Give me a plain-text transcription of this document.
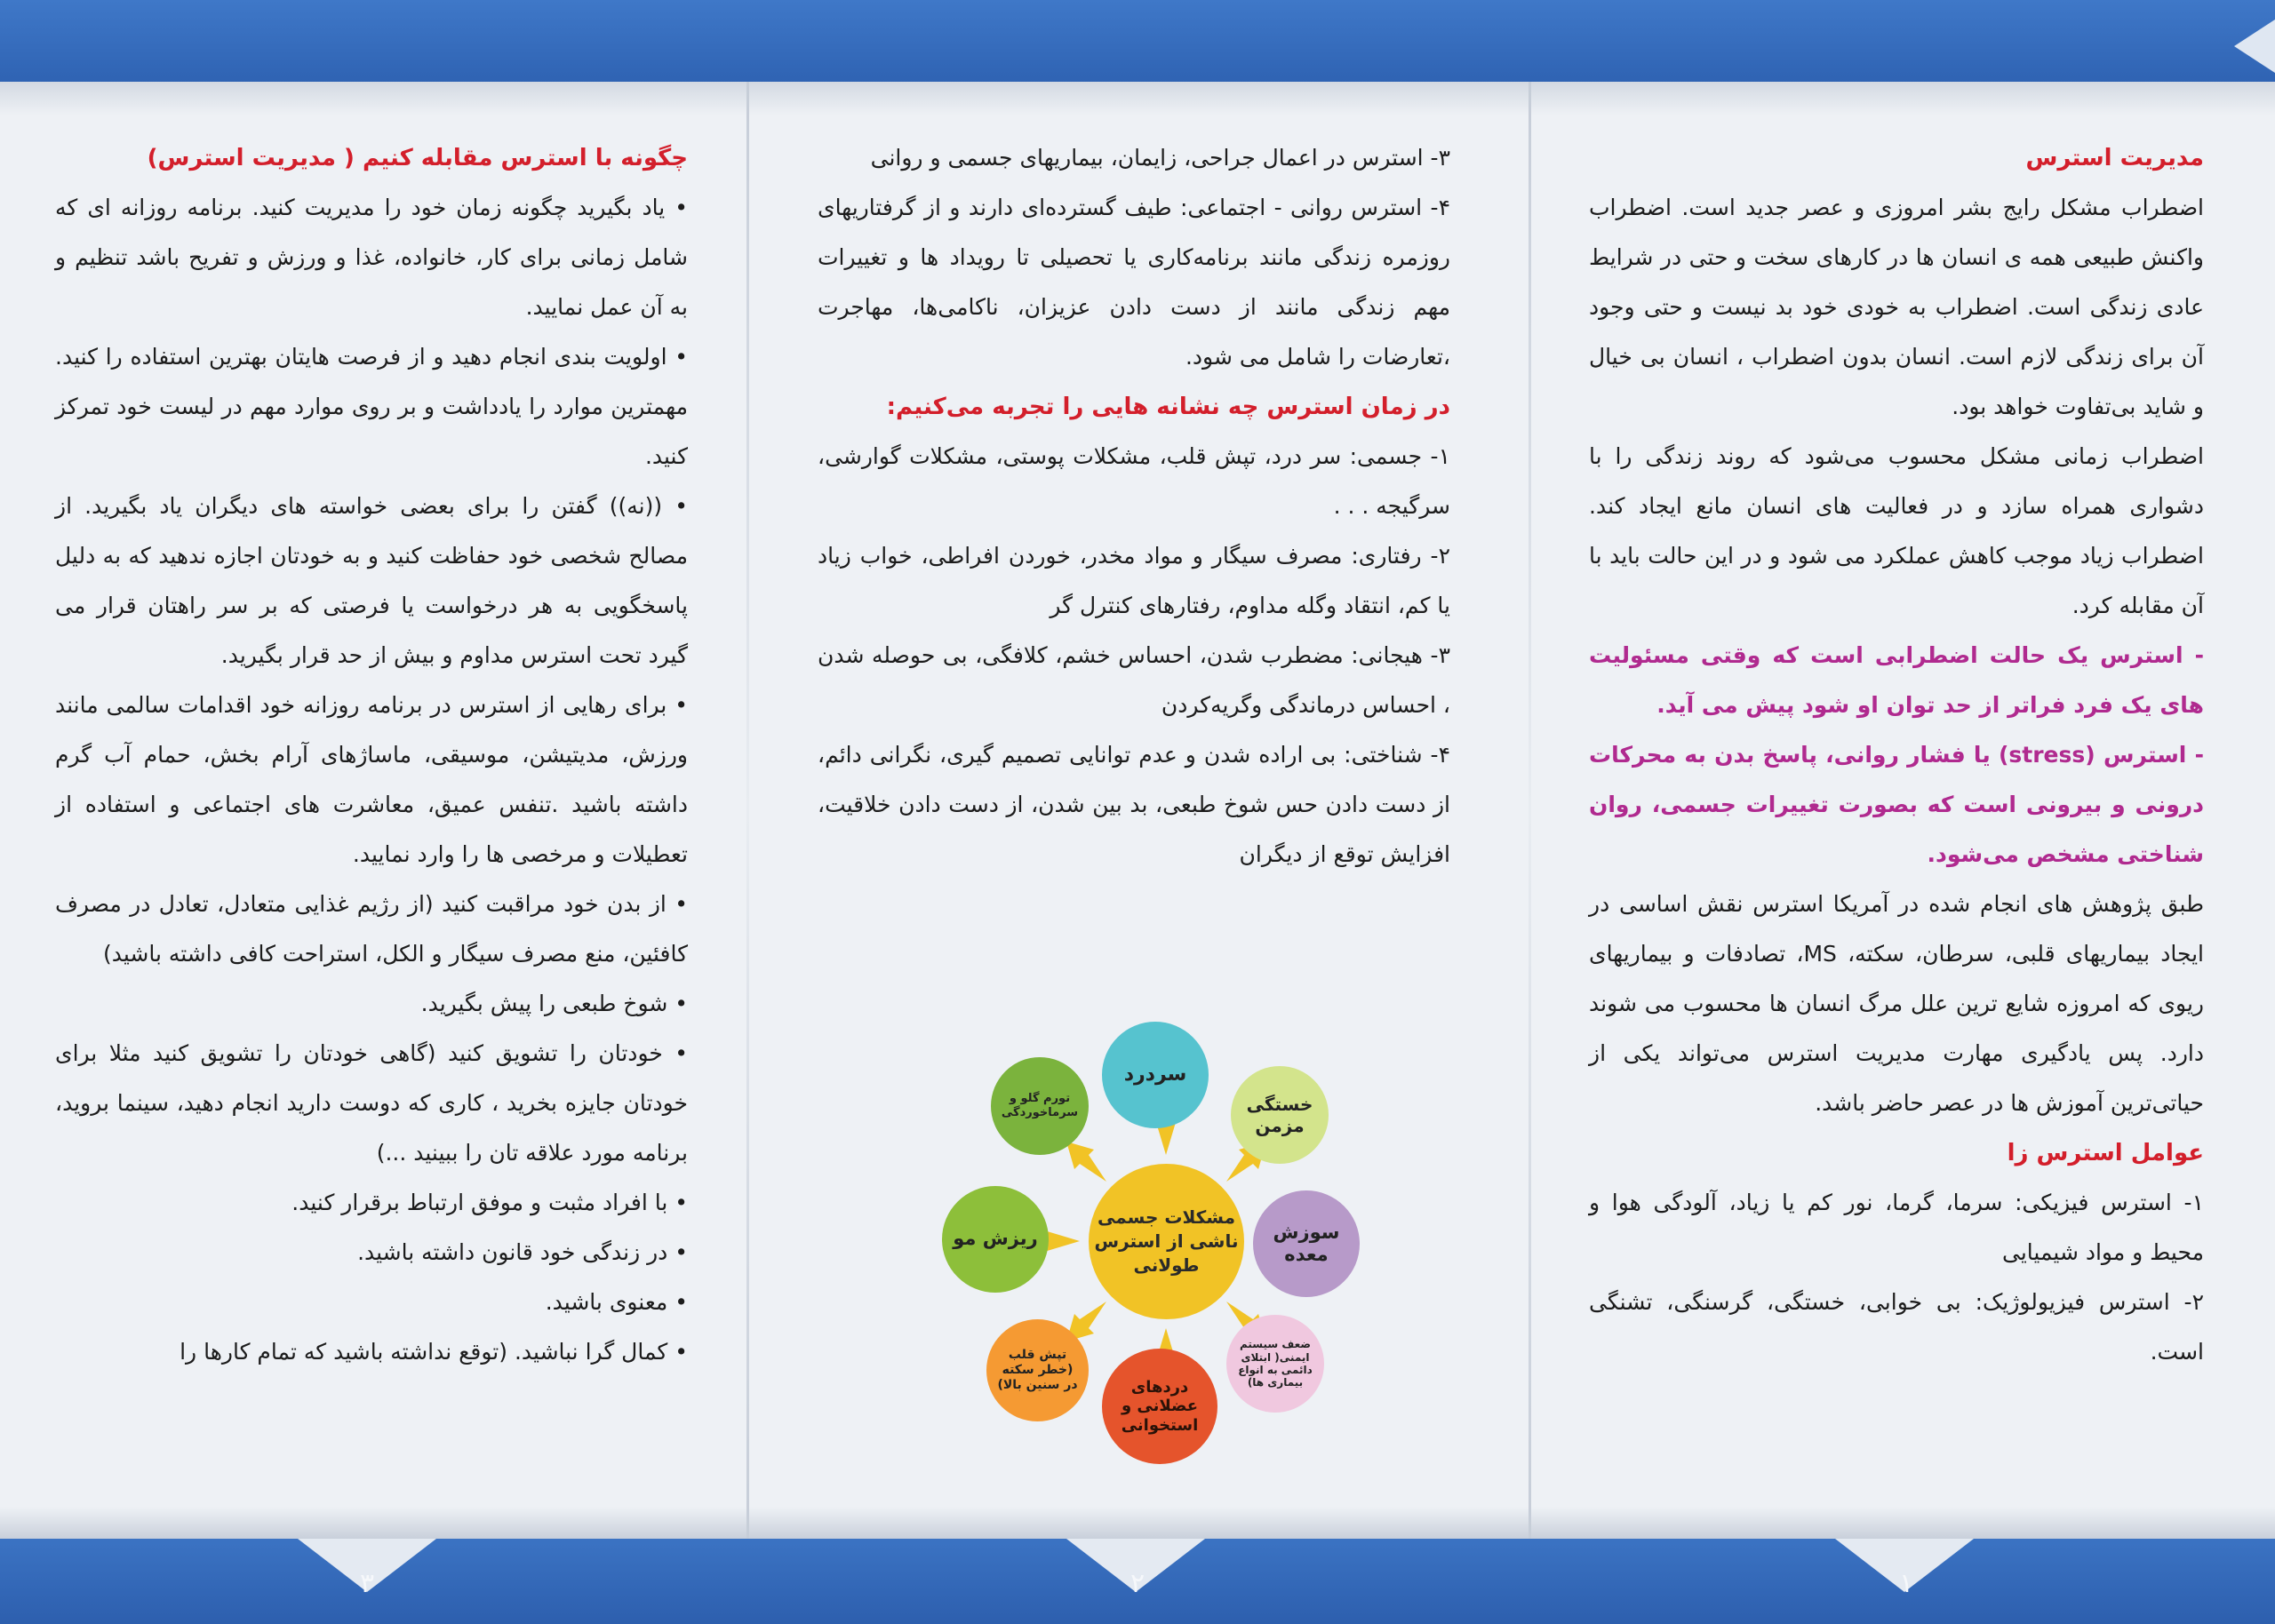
۳	۲	۱

مدیریت استرس

اضطراب مشکل رایج بشر امروزی و عصر جدید است. اضطراب واکنش طبیعی همه ی انسان ها در کارهای سخت و حتی در شرایط عادی زندگی است. اضطراب به خودی خود بد نیست و حتی وجود آن برای زندگی لازم است. انسان بدون اضطراب ، انسان بی خیال و شاید بی‌تفاوت خواهد بود.

اضطراب زمانی مشکل محسوب می‌شود که روند زندگی را با دشواری همراه سازد و در فعالیت های انسان مانع ایجاد کند. اضطراب زیاد موجب کاهش عملکرد می شود و در این حالت باید با آن مقابله کرد.

- استرس یک حالت اضطرابی است که وقتی مسئولیت های یک فرد فراتر از حد توان او شود پیش می آید.

- استرس (stress) یا فشار روانی، پاسخ بدن به محرکات درونی و بیرونی است که بصورت تغییرات جسمی، روان شناختی مشخص می‌شود.

طبق پژوهش های انجام شده در آمریکا استرس نقش اساسی در ایجاد بیماریهای قلبی، سرطان، سکته، MS، تصادفات و بیماریهای ریوی که امروزه شایع ترین علل مرگ انسان ها محسوب می شوند دارد. پس یادگیری مهارت مدیریت استرس می‌تواند یکی از حیاتی‌ترین آموزش ها در عصر حاضر باشد.

عوامل استرس زا

۱- استرس فیزیکی: سرما، گرما، نور کم یا زیاد، آلودگی هوا و محیط و مواد شیمیایی

۲- استرس فیزیولوژیک: بی خوابی، خستگی، گرسنگی، تشنگی است.

۳- استرس در اعمال جراحی، زایمان، بیماریهای جسمی و روانی

۴- استرس روانی - اجتماعی: طیف گسترده‌ای دارند و از گرفتاریهای روزمره زندگی مانند برنامه‌کاری یا تحصیلی تا رویداد ها و تغییرات مهم زندگی مانند از دست دادن عزیزان، ناکامی‌ها، مهاجرت ،تعارضات را شامل می شود.

در زمان استرس چه نشانه هایی را تجربه می‌کنیم:

۱- جسمی: سر درد، تپش قلب، مشکلات پوستی، مشکلات گوارشی، سرگیجه . . .

۲- رفتاری: مصرف سیگار و مواد مخدر، خوردن افراطی، خواب زیاد یا کم، انتقاد وگله مداوم، رفتارهای کنترل گر

۳- هیجانی: مضطرب شدن، احساس خشم، کلافگی، بی حوصله شدن ، احساس درماندگی وگریه‌کردن

۴- شناختی: بی اراده شدن و عدم توانایی تصمیم گیری، نگرانی دائم، از دست دادن حس شوخ طبعی، بد بین شدن، از دست دادن خلاقیت، افزایش توقع از دیگران

مشکلات جسمی ناشی از استرس طولانی
سردرد
خستگی مزمن
سوزش معده
ضعف سیستم ایمنی( ابتلای دائمی به انواع بیماری ها)
دردهای عضلانی و استخوانی
تپش قلب (خطر سکته در سنین بالا)
ریزش مو
تورم گلو و سرماخوردگی

چگونه با استرس مقابله کنیم ( مدیریت استرس)

• یاد بگیرید چگونه زمان خود را مدیریت کنید. برنامه روزانه ای که شامل زمانی برای کار، خانواده، غذا و ورزش و تفریح باشد تنظیم و به آن عمل نمایید.

• اولویت بندی انجام دهید و از فرصت هایتان بهترین استفاده را کنید. مهمترین موارد را یادداشت و بر روی موارد مهم در لیست خود تمرکز کنید.

• ((نه)) گفتن را برای بعضی خواسته های دیگران یاد بگیرید. از مصالح شخصی خود حفاظت کنید و به خودتان اجازه ندهید که به دلیل پاسخگویی به هر درخواست یا فرصتی که بر سر راهتان قرار می گیرد تحت استرس مداوم و بیش از حد قرار بگیرید.

• برای رهایی از استرس در برنامه روزانه خود اقدامات سالمی مانند ورزش، مدیتیشن، موسیقی، ماساژهای آرام بخش، حمام آب گرم داشته باشید .تنفس عمیق، معاشرت های اجتماعی و استفاده از تعطیلات و مرخصی ها را وارد نمایید.

• از بدن خود مراقبت کنید (از رژیم غذایی متعادل، تعادل در مصرف کافئین، منع مصرف سیگار و الکل، استراحت کافی داشته باشید)

• شوخ طبعی را پیش بگیرید.

• خودتان را تشویق کنید (گاهی خودتان را تشویق کنید مثلا برای خودتان جایزه بخرید ، کاری که دوست دارید انجام دهید، سینما بروید، برنامه مورد علاقه تان را ببینید ...)

• با افراد مثبت و موفق ارتباط برقرار کنید.

• در زندگی خود قانون داشته باشید.

• معنوی باشید.

• کمال گرا نباشید. (توقع نداشته باشید که تمام کارها را
